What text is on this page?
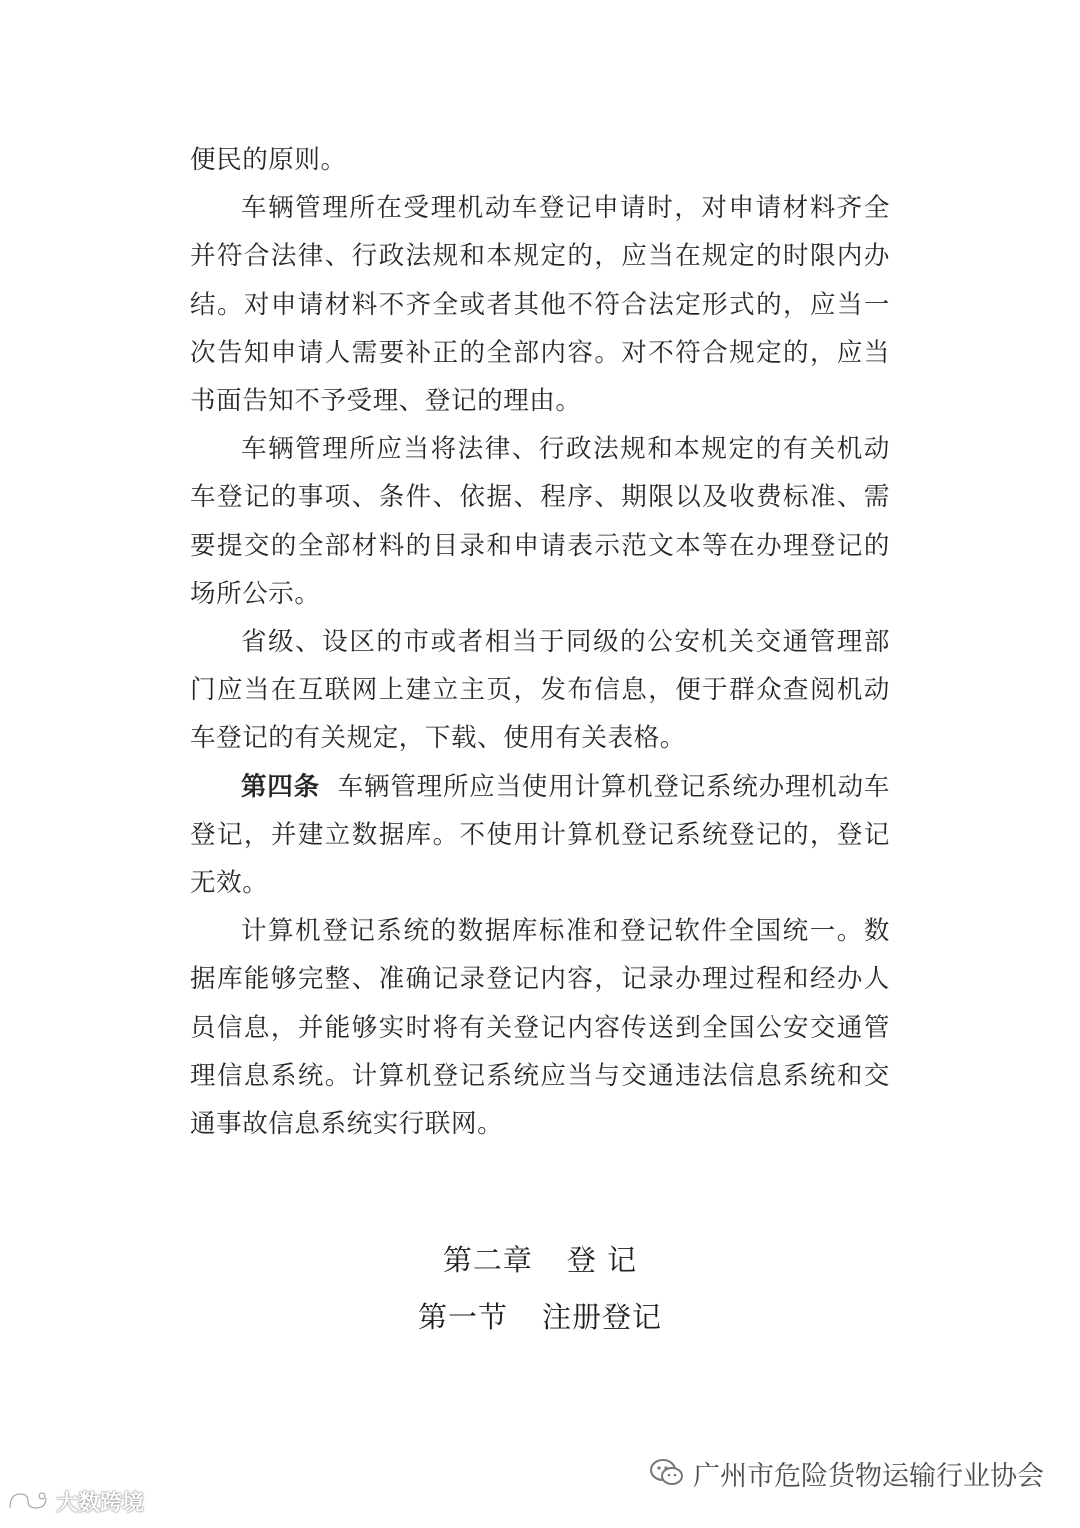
便民的原则。

车辆管理所在受理机动车登记申请时，对申请材料齐全并符合法律、行政法规和本规定的，应当在规定的时限内办结。对申请材料不齐全或者其他不符合法定形式的，应当一次告知申请人需要补正的全部内容。对不符合规定的，应当书面告知不予受理、登记的理由。

车辆管理所应当将法律、行政法规和本规定的有关机动车登记的事项、条件、依据、程序、期限以及收费标准、需要提交的全部材料的目录和申请表示范文本等在办理登记的场所公示。

省级、设区的市或者相当于同级的公安机关交通管理部门应当在互联网上建立主页，发布信息，便于群众查阅机动车登记的有关规定，下载、使用有关表格。

第四条 车辆管理所应当使用计算机登记系统办理机动车登记，并建立数据库。不使用计算机登记系统登记的，登记无效。

计算机登记系统的数据库标准和登记软件全国统一。数据库能够完整、准确记录登记内容，记录办理过程和经办人员信息，并能够实时将有关登记内容传送到全国公安交通管理信息系统。计算机登记系统应当与交通违法信息系统和交通事故信息系统实行联网。

第二章 登 记
第一节 注册登记
广州市危险货物运输行业协会
大数跨境
